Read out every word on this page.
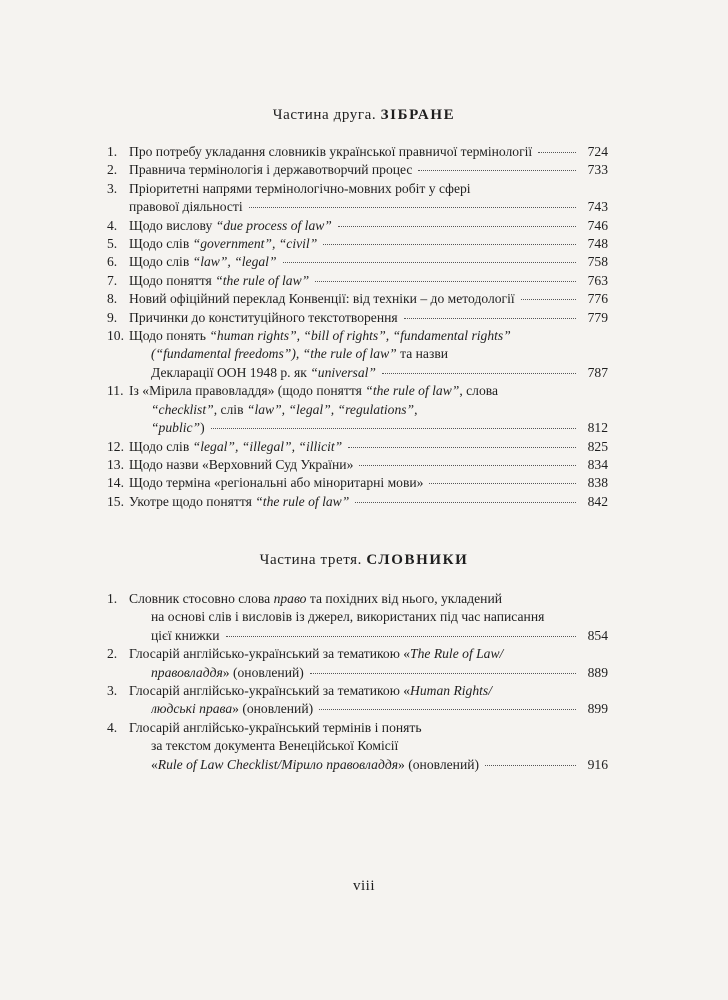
Частина друга. ЗІБРАНЕ
1. Про потребу укладання словників української правничої термінології	724
2. Правнича термінологія і державотворчий процес	733
3. Пріоритетні напрями термінологічно-мовних робіт у сфері
правової діяльності	743
4. Щодо вислову “due process of law”	746
5. Щодо слів “government”, “civil”	748
6. Щодо слів “law”, “legal”	758
7. Щодо поняття “the rule of law”	763
8. Новий офіційний переклад Конвенції: від техніки – до методології	776
9. Причинки до конституційного текстотворення	779
10. Щодо понять “human rights”, “bill of rights”, “fundamental rights”
(“fundamental freedoms”), “the rule of law” та назви
Декларації ООН 1948 р. як “universal”	787
11. Із «Мірила правовладдя» (щодо поняття “the rule of law”, слова
“checklist”, слів “law”, “legal”, “regulations”,
“public”)	812
12. Щодо слів “legal”, “illegal”, “illicit”	825
13. Щодо назви «Верховний Суд України»	834
14. Щодо терміна «регіональні або міноритарні мови»	838
15. Укотре щодо поняття “the rule of law”	842
Частина третя. СЛОВНИКИ
1. Словник стосовно слова право та похідних від нього, укладений
на основі слів і висловів із джерел, використаних під час написання
цієї книжки	854
2. Глосарій англійсько-український за тематикою «The Rule of Law/
правовладдя» (оновлений)	889
3. Глосарій англійсько-український за тематикою «Human Rights/
людські права» (оновлений)	899
4. Глосарій англійсько-український термінів і понять
за текстом документа Венеційської Комісії
«Rule of Law Checklist/Мірило правовладдя» (оновлений)	916
viii
